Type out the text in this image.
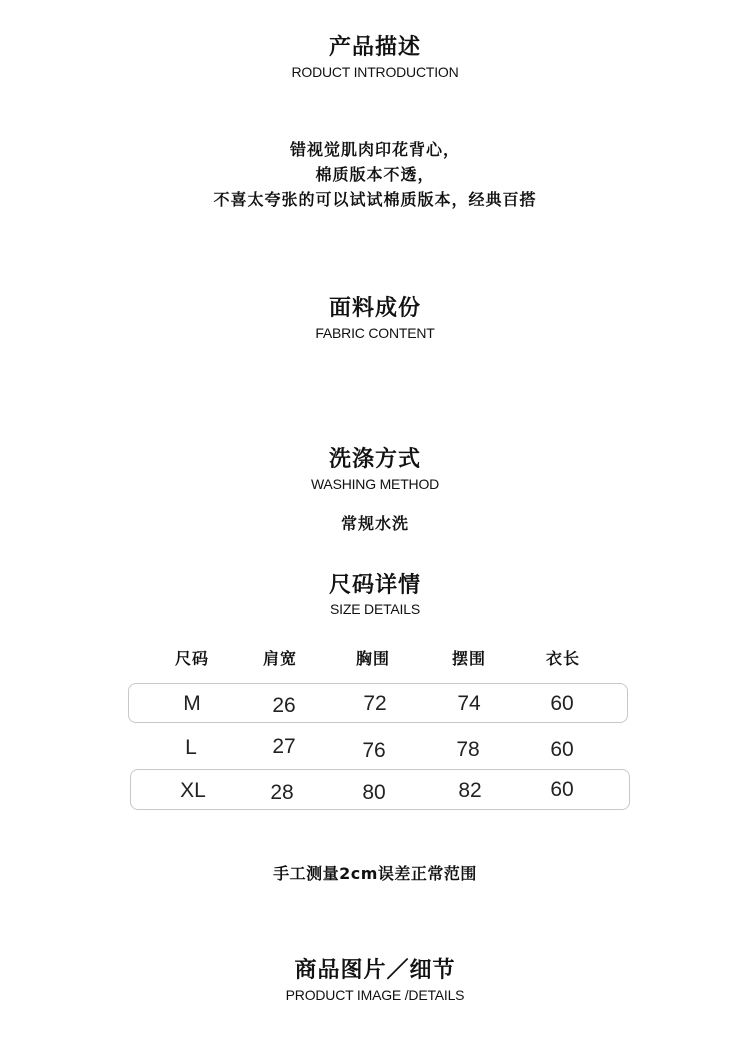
产品描述
RODUCT INTRODUCTION
错视觉肌肉印花背心，
棉质版本不透，
不喜太夸张的可以试试棉质版本，经典百搭
面料成份
FABRIC CONTENT
洗涤方式
WASHING METHOD
常规水洗
尺码详情
SIZE DETAILS
尺码	肩宽	胸围	摆围	衣长
M	26	72	74	60
L	27	76	78	60
XL	28	80	82	60
手工测量2cm误差正常范围
商品图片／细节
PRODUCT IMAGE /DETAILS
